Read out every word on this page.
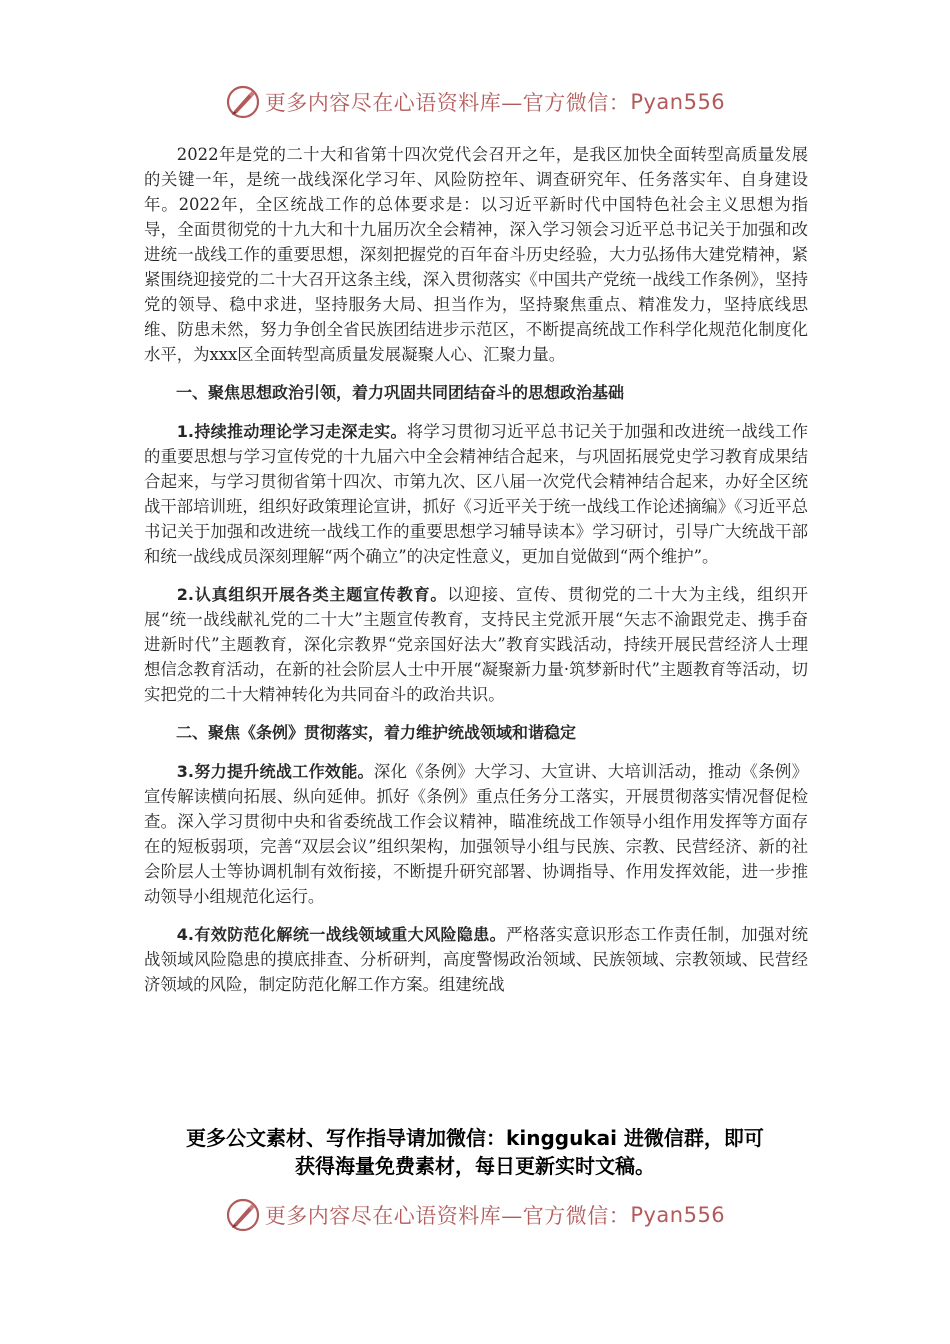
更多内容尽在心语资料库—官方微信： Pyan556

2022年是党的二十大和省第十四次党代会召开之年，是我区加快全面转型高质量发展的关键一年，是统一战线深化学习年、风险防控年、调查研究年、任务落实年、自身建设年。2022年，全区统战工作的总体要求是：以习近平新时代中国特色社会主义思想为指导，全面贯彻党的十九大和十九届历次全会精神，深入学习领会习近平总书记关于加强和改进统一战线工作的重要思想，深刻把握党的百年奋斗历史经验，大力弘扬伟大建党精神，紧紧围绕迎接党的二十大召开这条主线，深入贯彻落实《中国共产党统一战线工作条例》，坚持党的领导、稳中求进，坚持服务大局、担当作为，坚持聚焦重点、精准发力，坚持底线思维、防患未然，努力争创全省民族团结进步示范区，不断提高统战工作科学化规范化制度化水平，为xxx区全面转型高质量发展凝聚人心、汇聚力量。

一、聚焦思想政治引领，着力巩固共同团结奋斗的思想政治基础

1.持续推动理论学习走深走实。将学习贯彻习近平总书记关于加强和改进统一战线工作的重要思想与学习宣传党的十九届六中全会精神结合起来，与巩固拓展党史学习教育成果结合起来，与学习贯彻省第十四次、市第九次、区八届一次党代会精神结合起来，办好全区统战干部培训班，组织好政策理论宣讲，抓好《习近平关于统一战线工作论述摘编》《习近平总书记关于加强和改进统一战线工作的重要思想学习辅导读本》学习研讨，引导广大统战干部和统一战线成员深刻理解“两个确立”的决定性意义，更加自觉做到“两个维护”。

2.认真组织开展各类主题宣传教育。以迎接、宣传、贯彻党的二十大为主线，组织开展“统一战线献礼党的二十大”主题宣传教育，支持民主党派开展“矢志不渝跟党走、携手奋进新时代”主题教育，深化宗教界“党亲国好法大”教育实践活动，持续开展民营经济人士理想信念教育活动，在新的社会阶层人士中开展“凝聚新力量·筑梦新时代”主题教育等活动，切实把党的二十大精神转化为共同奋斗的政治共识。

二、聚焦《条例》贯彻落实，着力维护统战领域和谐稳定

3.努力提升统战工作效能。深化《条例》大学习、大宣讲、大培训活动，推动《条例》宣传解读横向拓展、纵向延伸。抓好《条例》重点任务分工落实，开展贯彻落实情况督促检查。深入学习贯彻中央和省委统战工作会议精神，瞄准统战工作领导小组作用发挥等方面存在的短板弱项，完善“双层会议”组织架构，加强领导小组与民族、宗教、民营经济、新的社会阶层人士等协调机制有效衔接，不断提升研究部署、协调指导、作用发挥效能，进一步推动领导小组规范化运行。

4.有效防范化解统一战线领域重大风险隐患。严格落实意识形态工作责任制，加强对统战领域风险隐患的摸底排查、分析研判，高度警惕政治领域、民族领域、宗教领域、民营经济领域的风险，制定防范化解工作方案。组建统战

更多公文素材、写作指导请加微信：kinggukai 进微信群，即可
获得海量免费素材，每日更新实时文稿。
更多内容尽在心语资料库—官方微信： Pyan556
